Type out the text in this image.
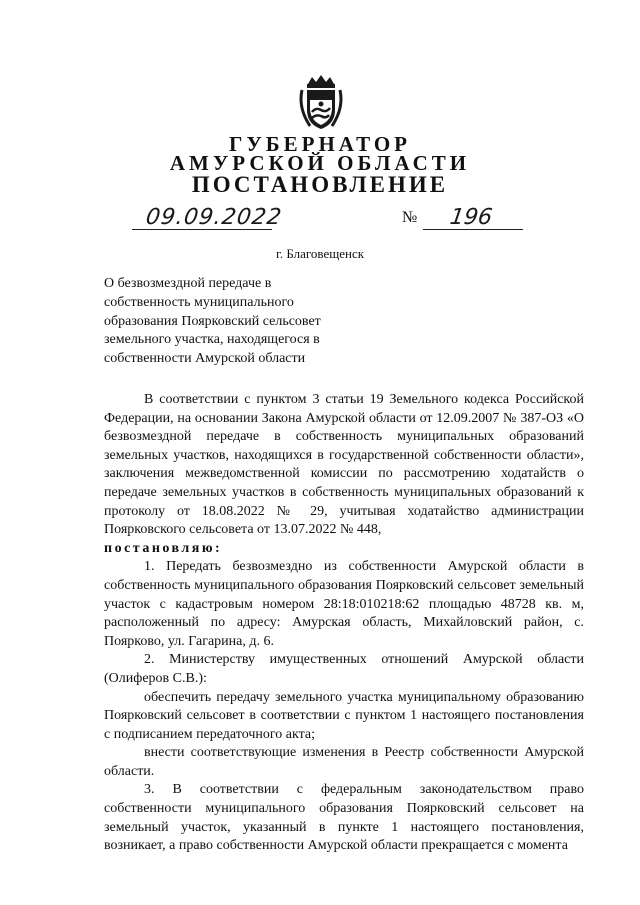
ГУБЕРНАТОР
АМУРСКОЙ ОБЛАСТИ
ПОСТАНОВЛЕНИЕ
09.09.2022	№ 196
г. Благовещенск
О безвозмездной передаче в
собственность муниципального
образования Поярковский сельсовет
земельного участка, находящегося в
собственности Амурской области

В соответствии с пунктом 3 статьи 19 Земельного кодекса Российской Федерации, на основании Закона Амурской области от 12.09.2007 № 387-ОЗ «О безвозмездной передаче в собственность муниципальных образований земельных участков, находящихся в государственной собственности области», заключения межведомственной комиссии по рассмотрению ходатайств о передаче земельных участков в собственность муниципальных образований к протоколу от 18.08.2022 № 29, учитывая ходатайство администрации Поярковского сельсовета от 13.07.2022 № 448,

постановляю:

1. Передать безвозмездно из собственности Амурской области в собственность муниципального образования Поярковский сельсовет земельный участок с кадастровым номером 28:18:010218:62 площадью 48728 кв. м, расположенный по адресу: Амурская область, Михайловский район, с. Поярково, ул. Гагарина, д. 6.

2. Министерству имущественных отношений Амурской области (Олиферов С.В.):

обеспечить передачу земельного участка муниципальному образованию Поярковский сельсовет в соответствии с пунктом 1 настоящего постановления с подписанием передаточного акта;

внести соответствующие изменения в Реестр собственности Амурской области.

3. В соответствии с федеральным законодательством право собственности муниципального образования Поярковский сельсовет на земельный участок, указанный в пункте 1 настоящего постановления, возникает, а право собственности Амурской области прекращается с момента
